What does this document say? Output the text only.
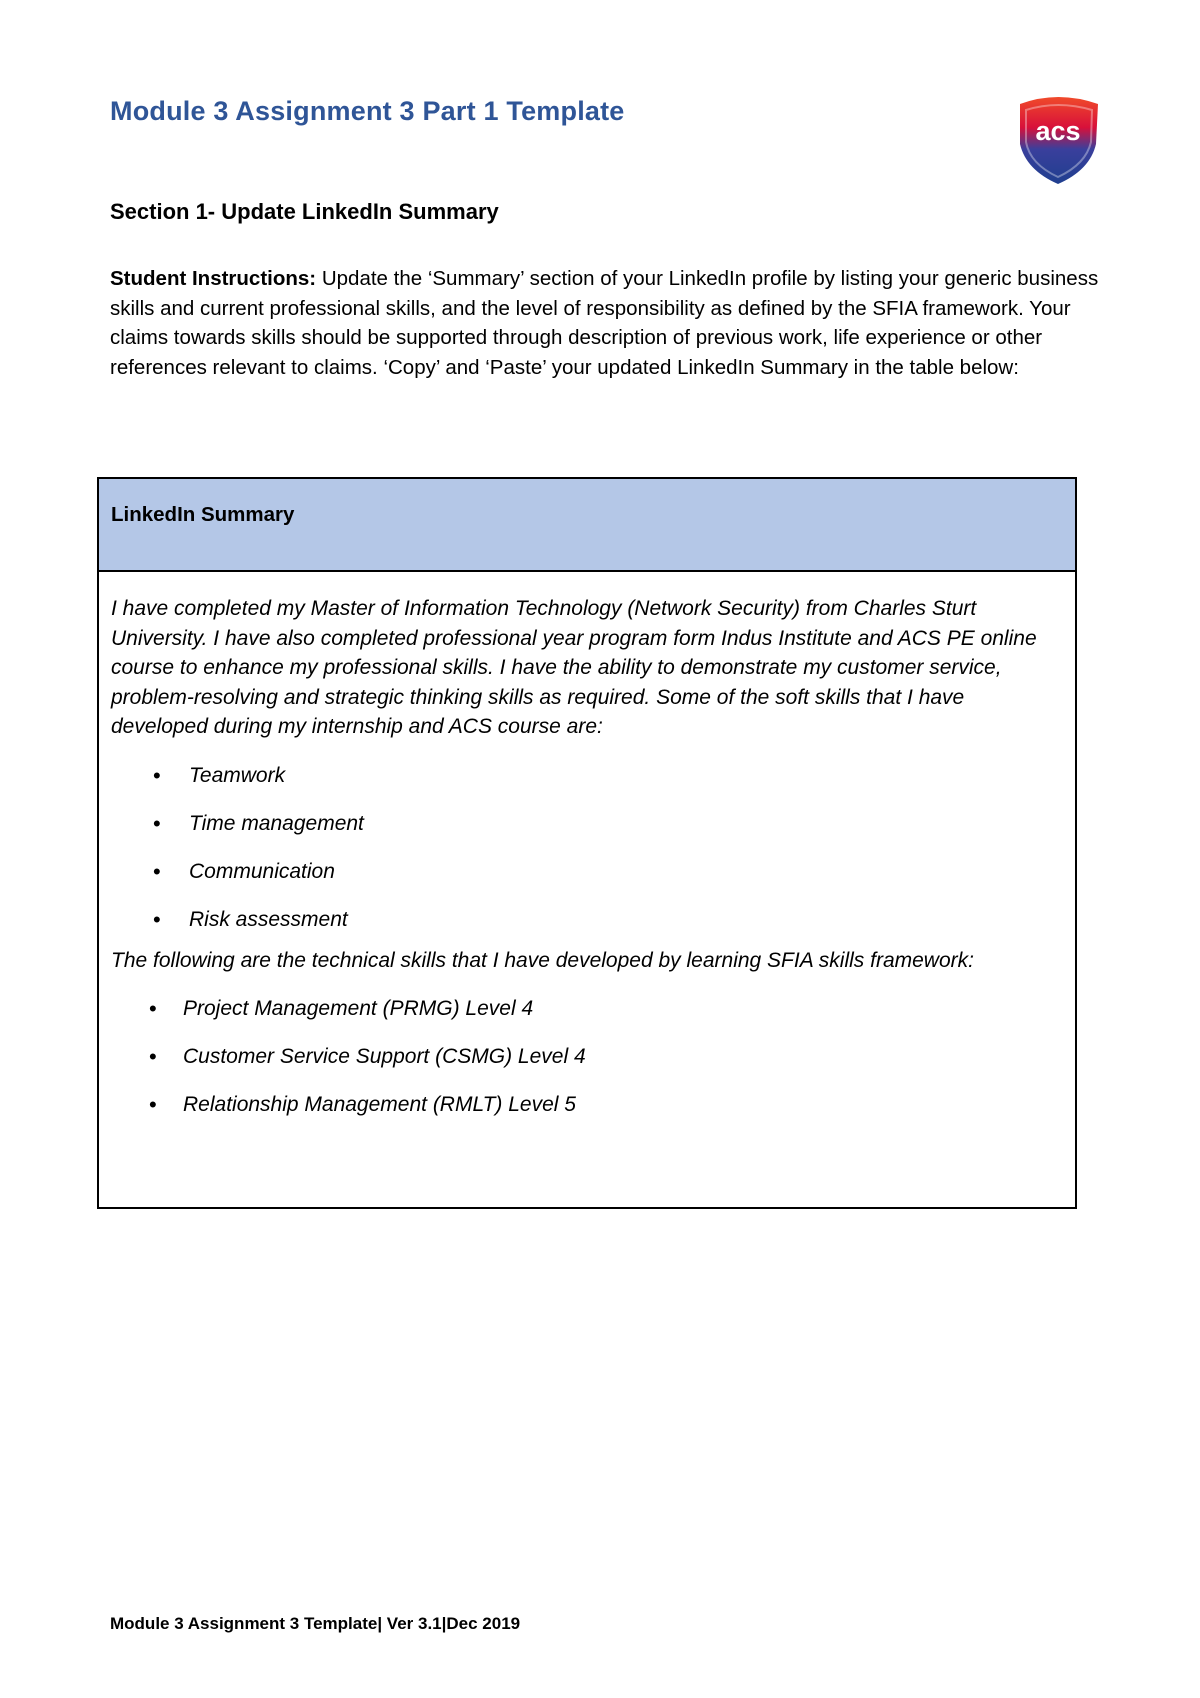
Module 3 Assignment 3 Part 1 Template
acs
Section 1- Update LinkedIn Summary
Student Instructions: Update the ‘Summary’ section of your LinkedIn profile by listing your generic business skills and current professional skills, and the level of responsibility as defined by the SFIA framework. Your claims towards skills should be supported through description of previous work, life experience or other references relevant to claims. ‘Copy’ and ‘Paste’ your updated LinkedIn Summary in the table below:
LinkedIn Summary

I have completed my Master of Information Technology (Network Security) from Charles Sturt University. I have also completed professional year program form Indus Institute and ACS PE online course to enhance my professional skills. I have the ability to demonstrate my customer service, problem-resolving and strategic thinking skills as required. Some of the soft skills that I have developed during my internship and ACS course are:

• Teamwork
• Time management
• Communication
• Risk assessment

The following are the technical skills that I have developed by learning SFIA skills framework:

• Project Management (PRMG) Level 4
• Customer Service Support (CSMG) Level 4
• Relationship Management (RMLT) Level 5
Module 3 Assignment 3 Template| Ver 3.1|Dec 2019
